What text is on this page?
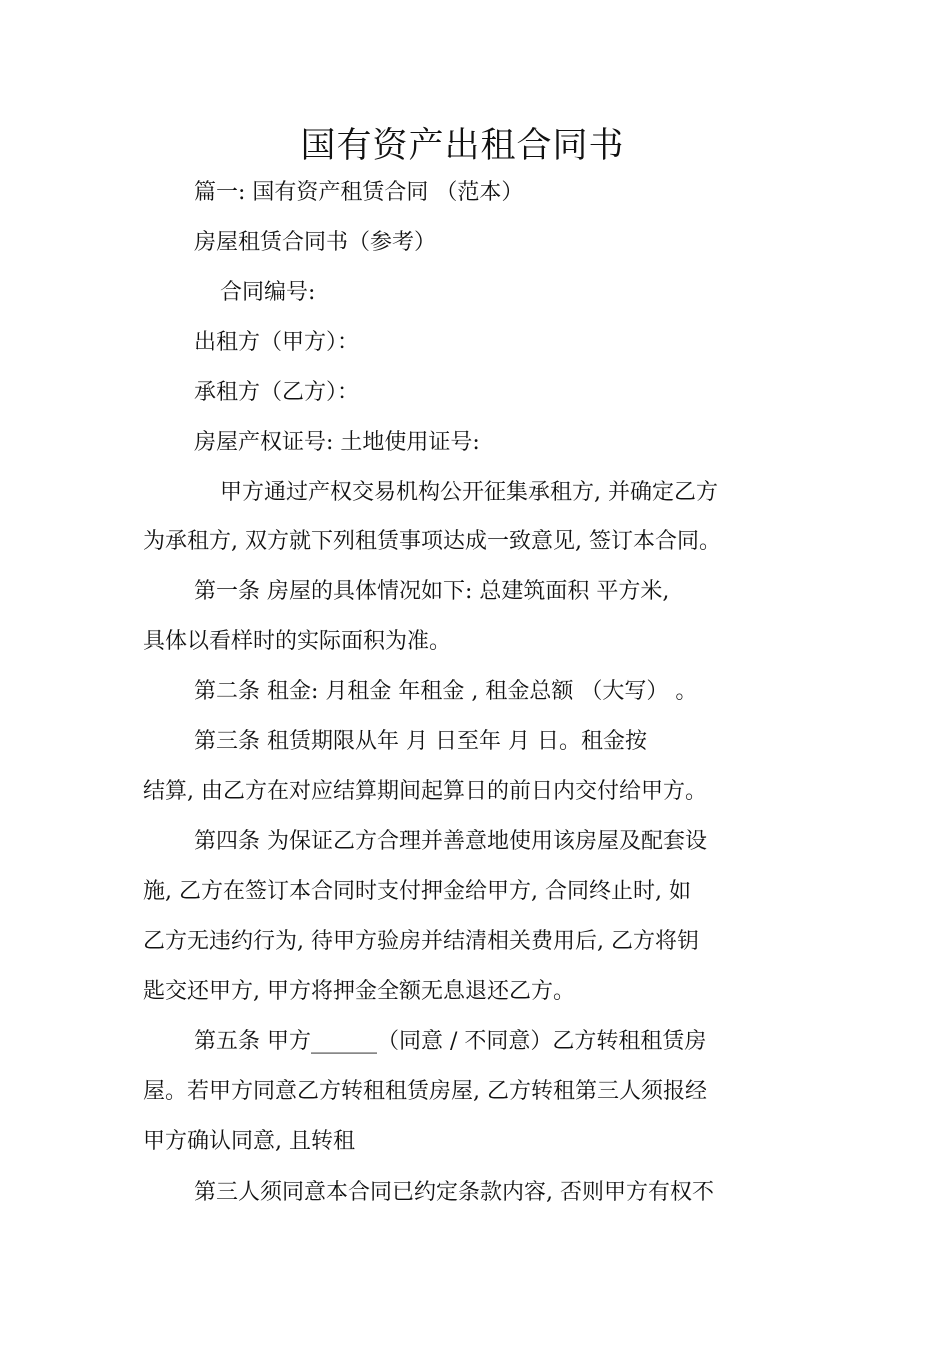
国有资产出租合同书
篇一: 国有资产租赁合同 （范本）
房屋租赁合同书（参考）
合同编号:
出租方（甲方）：
承租方（乙方）：
房屋产权证号: 土地使用证号:
甲方通过产权交易机构公开征集承租方, 并确定乙方
为承租方, 双方就下列租赁事项达成一致意见, 签订本合同。
第一条 房屋的具体情况如下: 总建筑面积 平方米,
具体以看样时的实际面积为准。
第二条 租金: 月租金 年租金 , 租金总额 （大写） 。
第三条 租赁期限从年 月 日至年 月 日。租金按
结算, 由乙方在对应结算期间起算日的前日内交付给甲方。
第四条 为保证乙方合理并善意地使用该房屋及配套设
施, 乙方在签订本合同时支付押金给甲方, 合同终止时, 如
乙方无违约行为, 待甲方验房并结清相关费用后, 乙方将钥
匙交还甲方, 甲方将押金全额无息退还乙方。
第五条 甲方______（同意 / 不同意）乙方转租租赁房
屋。若甲方同意乙方转租租赁房屋, 乙方转租第三人须报经
甲方确认同意, 且转租
第三人须同意本合同已约定条款内容, 否则甲方有权不
